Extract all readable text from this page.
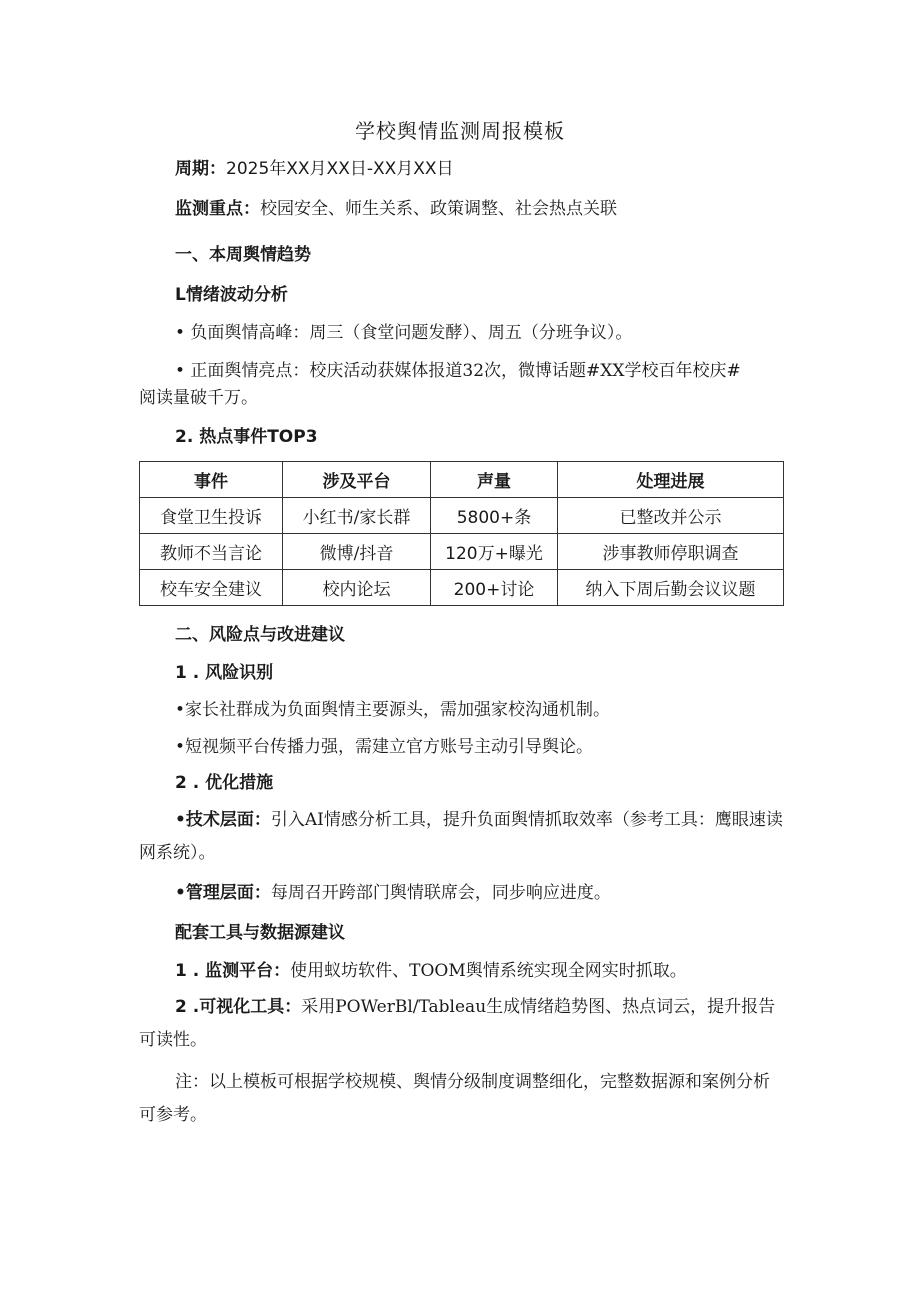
学校舆情监测周报模板
周期：2025年XX月XX日-XX月XX日
监测重点：校园安全、师生关系、政策调整、社会热点关联
一、本周舆情趋势
L情绪波动分析
• 负面舆情高峰：周三（食堂问题发酵）、周五（分班争议）。
• 正面舆情亮点：校庆活动获媒体报道32次，微博话题#XX学校百年校庆#
阅读量破千万。
2. 热点事件TOP3
事件	涉及平台	声量	处理进展
食堂卫生投诉	小红书/家长群	5800+条	已整改并公示
教师不当言论	微博/抖音	120万+曝光	涉事教师停职调查
校车安全建议	校内论坛	200+讨论	纳入下周后勤会议议题
二、风险点与改进建议
1 . 风险识别
•家长社群成为负面舆情主要源头，需加强家校沟通机制。
•短视频平台传播力强，需建立官方账号主动引导舆论。
2 . 优化措施
•技术层面：引入AI情感分析工具，提升负面舆情抓取效率（参考工具：鹰眼速读网系统）。
•管理层面：每周召开跨部门舆情联席会，同步响应进度。
配套工具与数据源建议
1 . 监测平台：使用蚁坊软件、TOOM舆情系统实现全网实时抓取。
2 .可视化工具：采用POWerBl/Tableau生成情绪趋势图、热点词云，提升报告可读性。
注：以上模板可根据学校规模、舆情分级制度调整细化，完整数据源和案例分析可参考。
